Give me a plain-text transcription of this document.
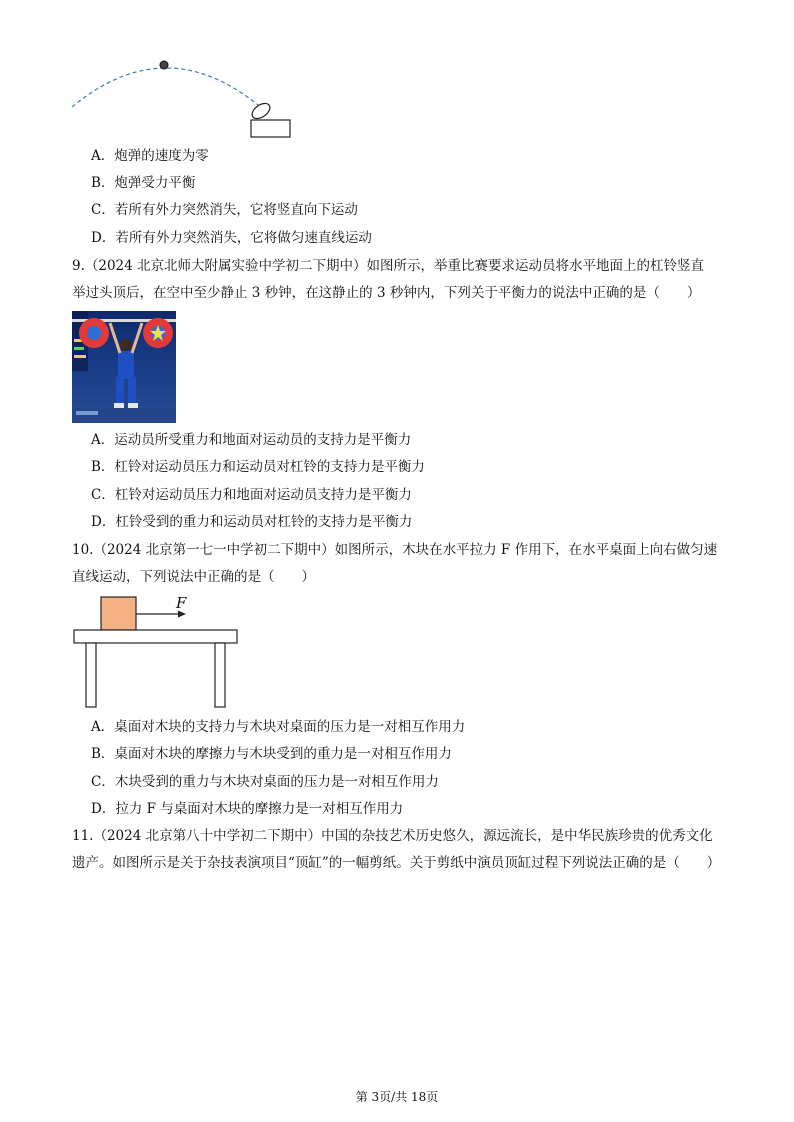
A．炮弹的速度为零
B．炮弹受力平衡
C．若所有外力突然消失，它将竖直向下运动
D．若所有外力突然消失，它将做匀速直线运动
9.（2024 北京北师大附属实验中学初二下期中）如图所示，举重比赛要求运动员将水平地面上的杠铃竖直
举过头顶后，在空中至少静止 3 秒钟，在这静止的 3 秒钟内，下列关于平衡力的说法中正确的是（　　）
A．运动员所受重力和地面对运动员的支持力是平衡力
B．杠铃对运动员压力和运动员对杠铃的支持力是平衡力
C．杠铃对运动员压力和地面对运动员支持力是平衡力
D．杠铃受到的重力和运动员对杠铃的支持力是平衡力
10.（2024 北京第一七一中学初二下期中）如图所示，木块在水平拉力 F 作用下，在水平桌面上向右做匀速
直线运动，下列说法中正确的是（　　）
F
A．桌面对木块的支持力与木块对桌面的压力是一对相互作用力
B．桌面对木块的摩擦力与木块受到的重力是一对相互作用力
C．木块受到的重力与木块对桌面的压力是一对相互作用力
D．拉力 F 与桌面对木块的摩擦力是一对相互作用力
11.（2024 北京第八十中学初二下期中）中国的杂技艺术历史悠久，源远流长，是中华民族珍贵的优秀文化
遗产。如图所示是关于杂技表演项目“顶缸”的一幅剪纸。关于剪纸中演员顶缸过程下列说法正确的是（　　）
第 3页/共 18页
